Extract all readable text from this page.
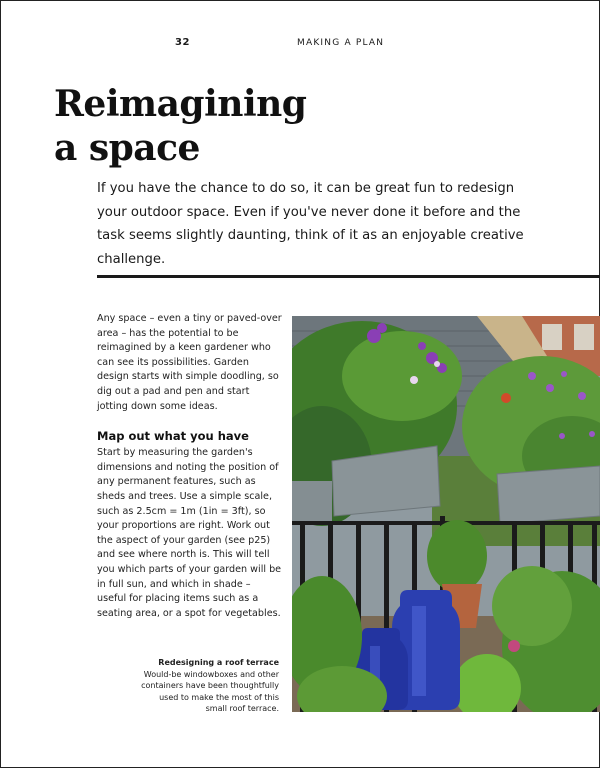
32	MAKING A PLAN
Reimagining
a space

If you have the chance to do so, it can be great fun to redesign your outdoor space. Even if you've never done it before and the task seems slightly daunting, think of it as an enjoyable creative challenge.

Any space – even a tiny or paved-over area – has the potential to be reimagined by a keen gardener who can see its possibilities. Garden design starts with simple doodling, so dig out a pad and pen and start jotting down some ideas.

Map out what you have

Start by measuring the garden's dimensions and noting the position of any permanent features, such as sheds and trees. Use a simple scale, such as 2.5cm = 1m (1in = 3ft), so your proportions are right. Work out the aspect of your garden (see p25) and see where north is. This will tell you which parts of your garden will be in full sun, and which in shade – useful for placing items such as a seating area, or a spot for vegetables.

Redesigning a roof terrace
Would-be windowboxes and other containers have been thoughtfully used to make the most of this small roof terrace.
